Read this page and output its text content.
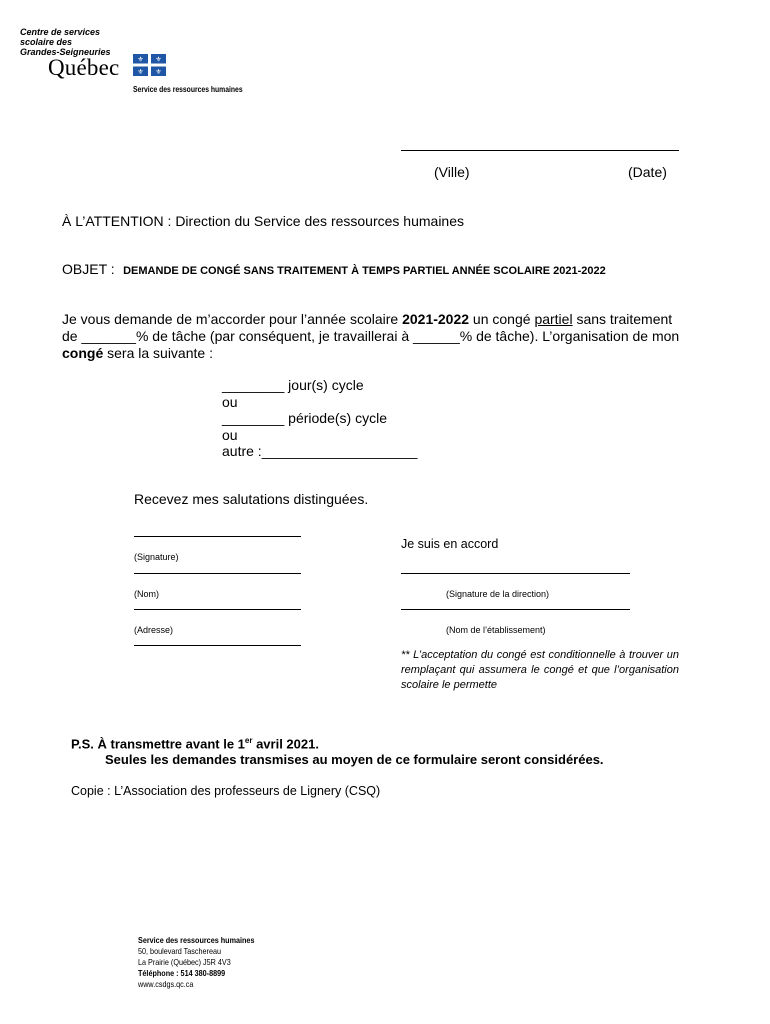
Centre de services
scolaire des
Grandes-Seigneuries
Québec	⚜ ⚜
⚜ ⚜
Service des ressources humaines
(Ville)	(Date)
À L’ATTENTION : Direction du Service des ressources humaines
OBJET : DEMANDE DE CONGÉ SANS TRAITEMENT À TEMPS PARTIEL ANNÉE SCOLAIRE 2021-2022
Je vous demande de m’accorder pour l’année scolaire 2021-2022 un congé partiel sans traitement de _______% de tâche (par conséquent, je travaillerai à ______% de tâche). L’organisation de mon congé sera la suivante :
________ jour(s) cycle
ou
________ période(s) cycle
ou
autre :____________________
Recevez mes salutations distinguées.
(Signature)
(Nom)
(Adresse)
Je suis en accord
(Signature de la direction)
(Nom de l’établissement)
** L’acceptation du congé est conditionnelle à trouver un remplaçant qui assumera le congé et que l’organisation scolaire le permette
P.S. À transmettre avant le 1er avril 2021.
Seules les demandes transmises au moyen de ce formulaire seront considérées.
Copie : L’Association des professeurs de Lignery (CSQ)
Service des ressources humaines
50, boulevard Taschereau
La Prairie (Québec) J5R 4V3
Téléphone : 514 380-8899
www.csdgs.qc.ca
